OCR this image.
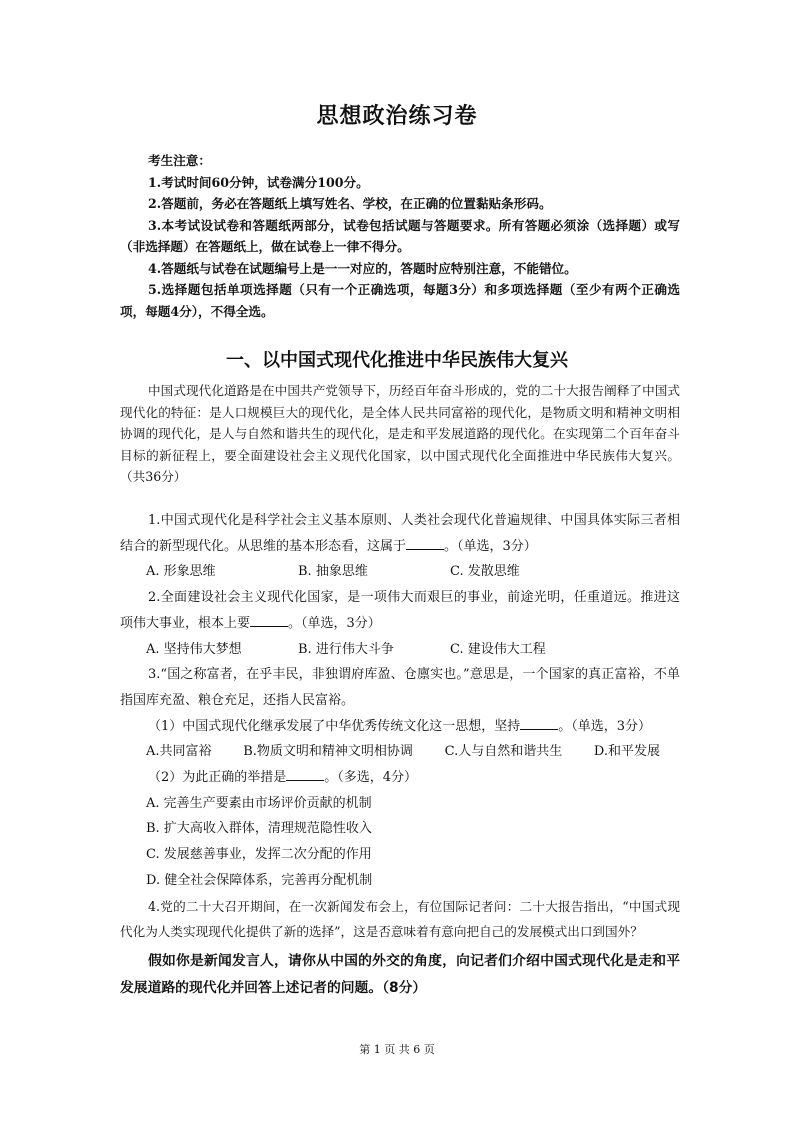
思想政治练习卷

考生注意：

1.考试时间60分钟，试卷满分100分。

2.答题前，务必在答题纸上填写姓名、学校，在正确的位置黏贴条形码。

3.本考试设试卷和答题纸两部分，试卷包括试题与答题要求。所有答题必须涂（选择题）或写（非选择题）在答题纸上，做在试卷上一律不得分。

4.答题纸与试卷在试题编号上是一一对应的，答题时应特别注意，不能错位。

5.选择题包括单项选择题（只有一个正确选项，每题3分）和多项选择题（至少有两个正确选项，每题4分），不得全选。

一、以中国式现代化推进中华民族伟大复兴

中国式现代化道路是在中国共产党领导下，历经百年奋斗形成的，党的二十大报告阐释了中国式现代化的特征：是人口规模巨大的现代化，是全体人民共同富裕的现代化，是物质文明和精神文明相协调的现代化，是人与自然和谐共生的现代化，是走和平发展道路的现代化。在实现第二个百年奋斗目标的新征程上，要全面建设社会主义现代化国家，以中国式现代化全面推进中华民族伟大复兴。（共36分）

1.中国式现代化是科学社会主义基本原则、人类社会现代化普遍规律、中国具体实际三者相结合的新型现代化。从思维的基本形态看，这属于	。（单选，3分）

A. 形象思维	B. 抽象思维	C. 发散思维

2.全面建设社会主义现代化国家，是一项伟大而艰巨的事业，前途光明，任重道远。推进这项伟大事业，根本上要	。（单选，3分）

A. 坚持伟大梦想	B. 进行伟大斗争	C. 建设伟大工程

3.“国之称富者，在乎丰民，非独谓府库盈、仓廪实也。”意思是，一个国家的真正富裕，不单指国库充盈、粮仓充足，还指人民富裕。

（1）中国式现代化继承发展了中华优秀传统文化这一思想，坚持	。（单选，3分）

A.共同富裕 B.物质文明和精神文明相协调 C.人与自然和谐共生 D.和平发展

（2）为此正确的举措是	。（多选，4分）

A. 完善生产要素由市场评价贡献的机制

B. 扩大高收入群体，清理规范隐性收入

C. 发展慈善事业，发挥二次分配的作用

D. 健全社会保障体系，完善再分配机制

4.党的二十大召开期间，在一次新闻发布会上，有位国际记者问：二十大报告指出，“中国式现代化为人类实现现代化提供了新的选择”，这是否意味着有意向把自己的发展模式出口到国外？

假如你是新闻发言人，请你从中国的外交的角度，向记者们介绍中国式现代化是走和平发展道路的现代化并回答上述记者的问题。（8分）

第 1 页 共 6 页
